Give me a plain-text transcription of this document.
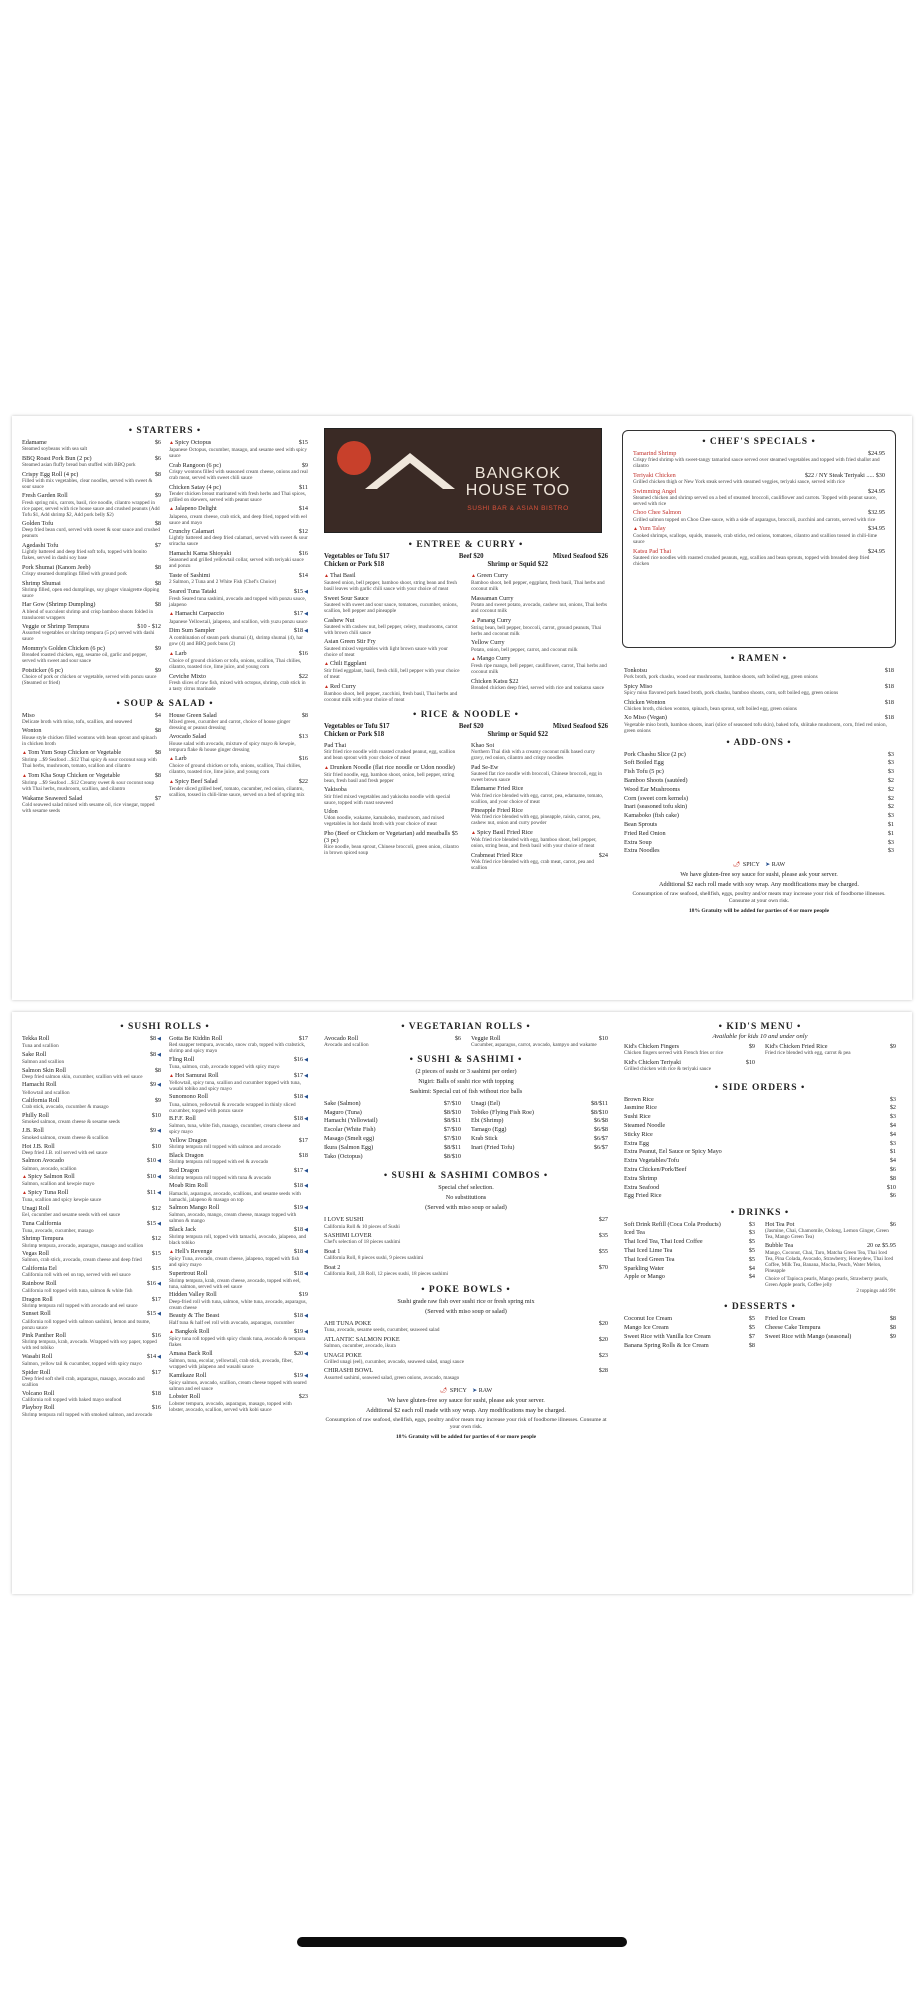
• STARTERS •
Edamame	$6
Steamed soybeans with sea salt
BBQ Roast Pork Bun (2 pc)	$6
Steamed asian fluffy bread bun stuffed with BBQ pork
Crispy Egg Roll (4 pc)	$8
Filled with mix vegetables, clear noodles, served with sweet & sour sauce
Fresh Garden Roll	$9
Fresh spring mix, carrots, basil, rice noodle, cilantro wrapped in rice paper, served with rice house sauce and crushed peanuts (Add Tofu $1, Add shrimp $2, Add pork belly $2)
Golden Tofu	$8
Deep fried bean curd, served with sweet & sour sauce and crushed peanuts
Agedashi Tofu	$7
Lightly battered and deep fried soft tofu, topped with bonito flakes, served in dashi soy base
Pork Shumai (Kanom Jeeb)	$8
Crispy steamed dumplings filled with ground pork
Shrimp Shumai	$8
Shrimp filled, open end dumplings, soy ginger vinaigrette dipping sauce
Har Gow (Shrimp Dumpling)	$8
A blend of succulent shrimp and crisp bamboo shoots folded in translucent wrappers
Veggie or Shrimp Tempura	$10 - $12
Assorted vegetables or shrimp tempura (5 pc) served with dashi sauce
Mommy's Golden Chicken (6 pc)	$9
Breaded roasted chicken, egg, sesame oil, garlic and pepper, served with sweet and sour sauce
Potsticker (6 pc)	$9
Choice of pork or chicken or vegetable, served with ponzu sauce (Steamed or fried)
▲Spicy Octopus	$15
Japanese Octopus, cucumber, masago, and sesame seed with spicy sauce
Crab Rangoon (6 pc)	$9
Crispy wontons filled with seasoned cream cheese, onions and real crab meat, served with sweet chili sauce
Chicken Satay (4 pc)	$11
Tender chicken breast marinated with fresh herbs and Thai spices, grilled on skewers, served with peanut sauce
▲Jalapeno Delight	$14
Jalapeno, cream cheese, crab stick, and deep fried, topped with eel sauce and mayo
Crunchy Calamari	$12
Lightly battered and deep fried calamari, served with sweet & sour sriracha sauce
Hamachi Kama Shioyaki	$16
Seasoned and grilled yellowtail collar, served with teriyaki sauce and ponzu
Taste of Sashimi	$14
2 Salmon, 2 Tuna and 2 White Fish (Chef's Choice)
Seared Tuna Tataki	$15◀
Fresh Seared tuna sashimi, avocado and topped with ponzu sauce, jalapeno
▲Hamachi Carpaccio	$17◀
Japanese Yellowtail, jalapeno, and scallion, with yuzu ponzu sauce
Dim Sum Sampler	$18◀
A combination of steam pork shumai (4), shrimp shumai (4), har gow (4) and BBQ pork buns (2)
▲Larb	$16
Choice of ground chicken or tofu, onions, scallion, Thai chilies, cilantro, toasted rice, lime juice, and young corn
Ceviche Mixto	$22
Fresh slices of raw fish, mixed with octopus, shrimp, crab stick in a tasty citrus marinade
• SOUP & SALAD •
Miso	$4
Delicate broth with miso, tofu, scallion, and seaweed
Wonton	$8
House style chicken filled wontons with bean sprout and spinach in chicken broth
▲Tom Yum Soup Chicken or Vegetable	$8
Shrimp ...$9 Seafood ...$12 Thai spicy & sour coconut soup with Thai herbs, mushroom, tomato, scallion and cilantro
▲Tom Kha Soup Chicken or Vegetable	$8
Shrimp ...$9 Seafood ...$12 Creamy sweet & sour coconut soup with Thai herbs, mushroom, scallion, and cilantro
Wakame Seaweed Salad	$7
Cold seaweed salad mixed with sesame oil, rice vinegar, topped with sesame seeds
House Green Salad	$8
Mixed green, cucumber and carrot, choice of house ginger dressing or peanut dressing
Avocado Salad	$13
House salad with avocado, mixture of spicy mayo & kewpie, tempura flake & house ginger dressing
▲Larb	$16
Choice of ground chicken or tofu, onions, scallion, Thai chilies, cilantro, toasted rice, lime juice, and young corn
▲Spicy Beef Salad	$22
Tender sliced grilled beef, tomato, cucumber, red onion, cilantro, scallion, tossed in chili-lime sauce, served on a bed of spring mix
BANGKOK
HOUSE TOO
SUSHI BAR & ASIAN BISTRO
• ENTREE & CURRY •
Vegetables or Tofu $17	Beef $20	Mixed Seafood $26
Chicken or Pork $18	Shrimp or Squid $22
▲Thai Basil
Sauteed onion, bell pepper, bamboo shoot, string bean and fresh basil leaves with garlic chili sauce with your choice of meat
Sweet Sour Sauce
Sauteed with sweet and sour sauce, tomatoes, cucumber, onions, scallion, bell pepper and pineapple
Cashew Nut
Sauteed with cashew nut, bell pepper, celery, mushrooms, carrot with brown chili sauce
Asian Green Stir Fry
Sauteed mixed vegetables with light brown sauce with your choice of meat
▲Chili Eggplant
Stir fried eggplant, basil, fresh chili, bell pepper with your choice of meat
▲Red Curry
Bamboo shoot, bell pepper, zucchini, fresh basil, Thai herbs and coconut milk with your choice of meat
▲Green Curry
Bamboo shoot, bell pepper, eggplant, fresh basil, Thai herbs and coconut milk
Massaman Curry
Potato and sweet potato, avocado, cashew nut, onions, Thai herbs and coconut milk
▲Panang Curry
String bean, bell pepper, broccoli, carrot, ground peanuts, Thai herbs and coconut milk
Yellow Curry
Potato, onion, bell pepper, carrot, and coconut milk
▲Mango Curry
Fresh ripe mango, bell pepper, cauliflower, carrot, Thai herbs and coconut milk
Chicken Katsu $22
Breaded chicken deep fried, served with rice and tonkatsu sauce
• RICE & NOODLE •
Vegetables or Tofu $17	Beef $20	Mixed Seafood $26
Chicken or Pork $18	Shrimp or Squid $22
Pad Thai
Stir fried rice noodle with roasted crushed peanut, egg, scallion and bean sprout with your choice of meat
▲Drunken Noodle (flat rice noodle or Udon noodle)
Stir fried noodle, egg, bamboo shoot, onion, bell pepper, string bean, fresh basil and fresh pepper
Yakisoba
Stir fried mixed vegetables and yakisoba noodle with special sauce, topped with roast seaweed
Udon
Udon noodle, wakame, kamaboko, mushroom, and mixed vegetables in hot dashi broth with your choice of meat
Pho (Beef or Chicken or Vegetarian) add meatballs $5 (3 pc)
Rice noodle, bean sprout, Chinese broccoli, green onion, cilantro in brown spiced soup
Khao Soi
Northern Thai dish with a creamy coconut milk based curry gravy, red onion, cilantro and crispy noodles
Pad Se-Ew
Sauteed flat rice noodle with broccoli, Chinese broccoli, egg in sweet brown sauce
Edamame Fried Rice
Wok fried rice blended with egg, carrot, pea, edamame, tomato, scallion, and your choice of meat
Pineapple Fried Rice
Wok fried rice blended with egg, pineapple, raisin, carrot, pea, cashew nut, onion and curry powder
▲Spicy Basil Fried Rice
Wok fried rice blended with egg, bamboo shoot, bell pepper, onion, string bean, and fresh basil with your choice of meat
Crabmeat Fried Rice	$24
Wok fried rice blended with egg, crab meat, carrot, pea and scallion
• CHEF'S SPECIALS •
Tamarind Shrimp	$24.95
Crispy fried shrimp with sweet-tangy tamarind sauce served over steamed vegetables and topped with fried shallot and cilantro
Teriyaki Chicken	$22 / NY Steak Teriyaki ..... $30
Grilled chicken thigh or New York steak served with steamed veggies, teriyaki sauce, served with rice
Swimming Angel	$24.95
Steamed chicken and shrimp served on a bed of steamed broccoli, cauliflower and carrots. Topped with peanut sauce, served with rice
Choo Chee Salmon	$32.95
Grilled salmon topped on Choo Chee sauce, with a side of asparagus, broccoli, zucchini and carrots, served with rice
▲Yum Talay	$34.95
Cooked shrimps, scallops, squids, mussels, crab sticks, red onions, tomatoes, cilantro and scallion tossed in chili-lime sauce
Katsu Pad Thai	$24.95
Sauteed rice noodles with roasted crushed peanuts, egg, scallion and bean sprouts, topped with breaded deep fried chicken
• RAMEN •
Tonkotsu	$18
Pork broth, pork chashu, wood ear mushrooms, bamboo shoots, soft boiled egg, green onions
Spicy Miso	$18
Spicy miso flavored pork based broth, pork chashu, bamboo shoots, corn, soft boiled egg, green onions
Chicken Wonton	$18
Chicken broth, chicken wonton, spinach, bean sprout, soft boiled egg, green onions
Xo Miso (Vegan)	$18
Vegetable miso broth, bamboo shoots, inari (slice of seasoned tofu skin), baked tofu, shiitake mushroom, corn, fried red onion, green onions
• ADD-ONS •
Pork Chashu Slice (2 pc)	$3
Soft Boiled Egg	$3
Fish Tofu (5 pc)	$3
Bamboo Shoots (sautéed)	$2
Wood Ear Mushrooms	$2
Corn (sweet corn kernels)	$2
Inari (seasoned tofu skin)	$2
Kamaboko (fish cake)	$3
Bean Sprouts	$1
Fried Red Onion	$1
Extra Soup	$3
Extra Noodles	$3
🌶 SPICY ➤ RAW
We have gluten-free soy sauce for sushi, please ask your server.
Additional $2 each roll made with soy wrap. Any modifications may be charged.
Consumption of raw seafood, shellfish, eggs, poultry and/or meats may increase your risk of foodborne illnesses. Consume at your own risk.
18% Gratuity will be added for parties of 4 or more people
• SUSHI ROLLS •
Tekka Roll	$8◀
Tuna and scallion
Sake Roll	$8◀
Salmon and scallion
Salmon Skin Roll	$8
Deep fried salmon skin, cucumber, scallion with eel sauce
Hamachi Roll	$9◀
Yellowtail and scallion
California Roll	$9
Crab stick, avocado, cucumber & masago
Philly Roll	$10
Smoked salmon, cream cheese & sesame seeds
J.B. Roll	$9◀
Smoked salmon, cream cheese & scallion
Hot J.B. Roll	$10
Deep fried J.B. roll served with eel sauce
Salmon Avocado	$10◀
Salmon, avocado, scallion
▲Spicy Salmon Roll	$10◀
Salmon, scallion and kewpie mayo
▲Spicy Tuna Roll	$11◀
Tuna, scallion and spicy kewpie sauce
Unagi Roll	$12
Eel, cucumber and sesame seeds with eel sauce
Tuna California	$15◀
Tuna, avocado, cucumber, masago
Shrimp Tempura	$12
Shrimp tempura, avocado, asparagus, masago and scallion
Vegas Roll	$15
Salmon, crab stick, avocado, cream cheese and deep fried
California Eel	$15
California roll with eel on top, served with eel sauce
Rainbow Roll	$16◀
California roll topped with tuna, salmon & white fish
Dragon Roll	$17
Shrimp tempura roll topped with avocado and eel sauce
Sunset Roll	$15◀
California roll topped with salmon sashimi, lemon and tsume, ponzu sauce
Pink Panther Roll	$16
Shrimp tempura, krab, avocado. Wrapped with soy paper, topped with red tobiko
Wasabi Roll	$14◀
Salmon, yellow tail & cucumber, topped with spicy mayo
Spider Roll	$17
Deep fried soft shell crab, asparagus, masago, avocado and scallion
Volcano Roll	$18
California roll topped with baked mayo seafood
Playboy Roll	$16
Shrimp tempura roll topped with smoked salmon, and avocado
Gotta Be Kiddin Roll	$17
Red snapper tempura, avocado, snow crab, topped with crabstick, shrimp and spicy mayo
Fling Roll	$16◀
Tuna, salmon, crab, avocado topped with spicy mayo
▲Hot Samurai Roll	$17◀
Yellowtail, spicy tuna, scallion and cucumber topped with tuna, wasabi tobiko and spicy mayo
Sunomono Roll	$18◀
Tuna, salmon, yellowtail & avocado wrapped in thinly sliced cucumber, topped with ponzu sauce
B.F.F. Roll	$18◀
Salmon, tuna, white fish, masago, cucumber, cream cheese and spicy mayo
Yellow Dragon	$17
Shrimp tempura roll topped with salmon and avocado
Black Dragon	$18
Shrimp tempura roll topped with eel & avocado
Red Dragon	$17◀
Shrimp tempura roll topped with tuna & avocado
Moab Rim Roll	$18◀
Hamachi, asparagus, avocado, scallions, and sesame seeds with hamachi, jalapeno & masago on top
Salmon Mango Roll	$19◀
Salmon, avocado, mango, cream cheese, masago topped with salmon & mango
Black Jack	$18◀
Shrimp tempura roll, topped with tamachi, avocado, jalapeno, and black tobiko
▲Hell's Revenge	$18◀
Spicy Tuna, avocado, cream cheese, jalapeno, topped with fish and spicy mayo
Supertrout Roll	$18◀
Shrimp tempura, krab, cream cheese, avocado, topped with eel, tuna, salmon, served with eel sauce
Hidden Valley Roll	$19
Deep-fried roll with tuna, salmon, white tuna, avocado, asparagus, cream cheese
Beauty & The Beast	$18◀
Half tuna & half eel roll with avocado, asparagus, cucumber
▲Bangkok Roll	$19◀
Spicy tuna roll topped with spicy chunk tuna, avocado & tempura flakes
Amasa Back Roll	$20◀
Salmon, tuna, escolar, yellowtail, crab stick, avocado, fiber, wrapped with jalapeno and wasabi sauce
Kamikaze Roll	$19◀
Spicy salmon, avocado, scallion, cream cheese topped with seared salmon and eel sauce
Lobster Roll	$23
Lobster tempura, avocado, asparagus, masago, topped with lobster, avocado, scallion, served with kobi sauce
• VEGETARIAN ROLLS •
Avocado Roll	$6
Avocado and scallion
Veggie Roll	$10
Cucumber, asparagus, carrot, avocado, kampyo and wakame
• SUSHI & SASHIMI •
(2 pieces of sushi or 3 sashimi per order)
Nigiri: Balls of sushi rice with topping
Sashimi: Special cut of fish without rice balls
Sake (Salmon)	$7/$10
Maguro (Tuna)	$8/$10
Hamachi (Yellowtail)	$8/$11
Escolar (White Fish)	$7/$10
Masago (Smelt egg)	$7/$10
Ikura (Salmon Egg)	$8/$11
Tako (Octopus)	$8/$10
Unagi (Eel)	$8/$11
Tobiko (Flying Fish Roe)	$8/$10
Ebi (Shrimp)	$6/$8
Tamago (Egg)	$6/$8
Krab Stick	$6/$7
Inari (Fried Tofu)	$6/$7
• SUSHI & SASHIMI COMBOS •
Special chef selection.
No substitutions
(Served with miso soup or salad)
I LOVE SUSHI	$27
California Roll & 10 pieces of Sushi
SASHIMI LOVER	$35
Chef's selection of 18 pieces sashimi
Boat 1	$55
California Roll, 8 pieces sushi, 9 pieces sashimi
Boat 2	$70
California Roll, J.B Roll, 12 pieces sushi, 18 pieces sashimi
• POKE BOWLS •
Sushi grade raw fish over sushi rice or fresh spring mix
(Served with miso soup or salad)
AHI TUNA POKE	$20
Tuna, avocado, sesame seeds, cucumber, seaweed salad
ATLANTIC SALMON POKE	$20
Salmon, cucumber, avocado, ikura
UNAGI POKE	$23
Grilled unagi (eel), cucumber, avocado, seaweed salad, unagi sauce
CHIRASHI BOWL	$28
Assorted sashimi, seaweed salad, green onions, avocado, masago
🌶 SPICY ➤ RAW
We have gluten-free soy sauce for sushi, please ask your server.
Additional $2 each roll made with soy wrap. Any modifications may be charged.
Consumption of raw seafood, shellfish, eggs, poultry and/or meats may increase your risk of foodborne illnesses. Consume at your own risk.
18% Gratuity will be added for parties of 4 or more people
• KID'S MENU •
Available for kids 10 and under only
Kid's Chicken Fingers	$9
Chicken fingers served with French fries or rice
Kid's Chicken Teriyaki	$10
Grilled chicken with rice & teriyaki sauce
Kid's Chicken Fried Rice	$9
Fried rice blended with egg, carrot & pea
• SIDE ORDERS •
Brown Rice	$3
Jasmine Rice	$2
Sushi Rice	$3
Steamed Noodle	$4
Sticky Rice	$4
Extra Egg	$3
Extra Peanut, Eel Sauce or Spicy Mayo	$1
Extra Vegetables/Tofu	$4
Extra Chicken/Pork/Beef	$6
Extra Shrimp	$8
Extra Seafood	$10
Egg Fried Rice	$6
• DRINKS •
Soft Drink Refill (Coca Cola Products)	$3
Iced Tea	$3
Thai Iced Tea, Thai Iced Coffee	$5
Thai Iced Lime Tea	$5
Thai Iced Green Tea	$5
Sparkling Water	$4
Apple or Mango	$4
Hot Tea Pot	$6
(Jasmine, Chai, Chamomile, Oolong, Lemon Ginger, Green Tea, Mango Green Tea)
Bubble Tea	20 oz $5.95
Mango, Coconut, Chai, Taro, Matcha Green Tea, Thai Iced Tea, Pina Colada, Avocado, Strawberry, Honeydew, Thai Iced Coffee, Milk Tea, Banana, Mocha, Peach, Water Melon, Pineapple
Choice of Tapioca pearls, Mango pearls, Strawberry pearls, Green Apple pearls, Coffee jelly
2 toppings add 99¢
• DESSERTS •
Coconut Ice Cream	$5
Mango Ice Cream	$5
Sweet Rice with Vanilla Ice Cream	$7
Banana Spring Rolls & Ice Cream	$8
Fried Ice Cream	$8
Cheese Cake Tempura	$8
Sweet Rice with Mango (seasonal)	$9
